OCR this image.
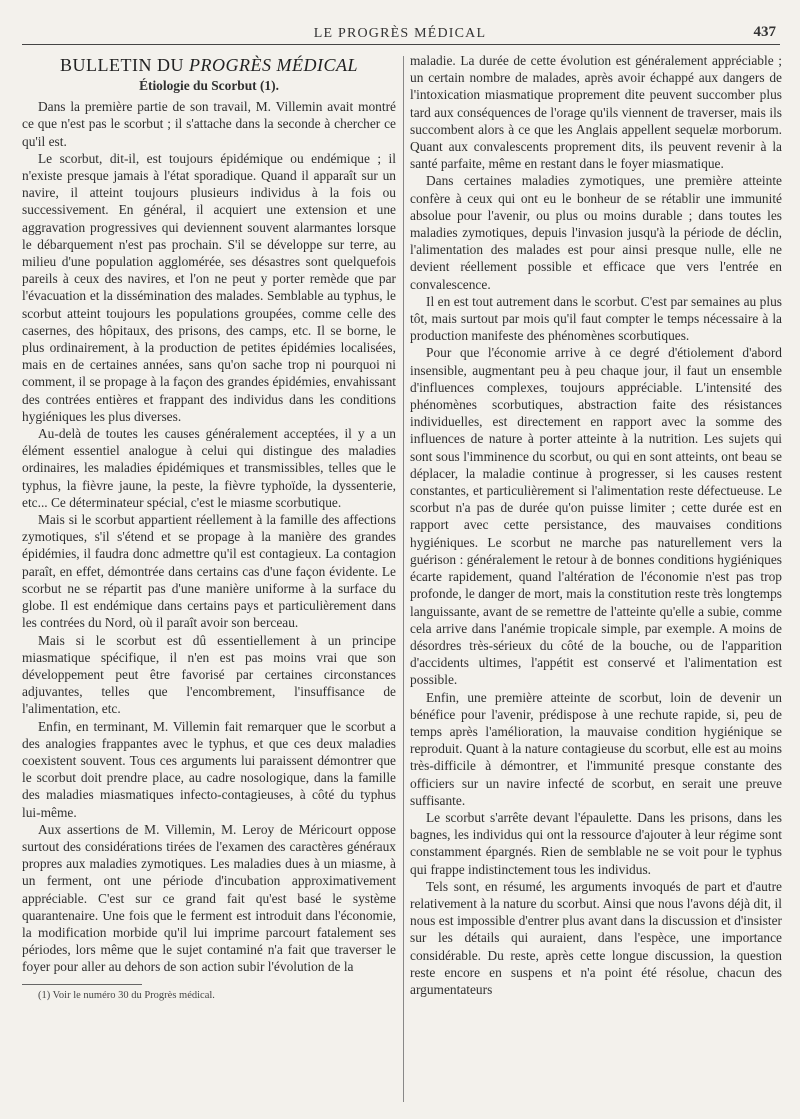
LE PROGRÈS MÉDICAL	437
BULLETIN DU PROGRÈS MÉDICAL
Étiologie du Scorbut (1).

Dans la première partie de son travail, M. Villemin avait montré ce que n'est pas le scorbut ; il s'attache dans la seconde à chercher ce qu'il est.

Le scorbut, dit-il, est toujours épidémique ou endémique ; il n'existe presque jamais à l'état sporadique. Quand il apparaît sur un navire, il atteint toujours plusieurs individus à la fois ou successivement. En général, il acquiert une extension et une aggravation progressives qui deviennent souvent alarmantes lorsque le débarquement n'est pas prochain. S'il se développe sur terre, au milieu d'une population agglomérée, ses désastres sont quelquefois pareils à ceux des navires, et l'on ne peut y porter remède que par l'évacuation et la dissémination des malades. Semblable au typhus, le scorbut atteint toujours les populations groupées, comme celle des casernes, des hôpitaux, des prisons, des camps, etc. Il se borne, le plus ordinairement, à la production de petites épidémies localisées, mais en de certaines années, sans qu'on sache trop ni pourquoi ni comment, il se propage à la façon des grandes épidémies, envahissant des contrées entières et frappant des individus dans les conditions hygiéniques les plus diverses.

Au-delà de toutes les causes généralement acceptées, il y a un élément essentiel analogue à celui qui distingue des maladies ordinaires, les maladies épidémiques et transmissibles, telles que le typhus, la fièvre jaune, la peste, la fièvre typhoïde, la dyssenterie, etc... Ce déterminateur spécial, c'est le miasme scorbutique.

Mais si le scorbut appartient réellement à la famille des affections zymotiques, s'il s'étend et se propage à la manière des grandes épidémies, il faudra donc admettre qu'il est contagieux. La contagion paraît, en effet, démontrée dans certains cas d'une façon évidente. Le scorbut ne se répartit pas d'une manière uniforme à la surface du globe. Il est endémique dans certains pays et particulièrement dans les contrées du Nord, où il paraît avoir son berceau.

Mais si le scorbut est dû essentiellement à un principe miasmatique spécifique, il n'en est pas moins vrai que son développement peut être favorisé par certaines circonstances adjuvantes, telles que l'encombrement, l'insuffisance de l'alimentation, etc.

Enfin, en terminant, M. Villemin fait remarquer que le scorbut a des analogies frappantes avec le typhus, et que ces deux maladies coexistent souvent. Tous ces arguments lui paraissent démontrer que le scorbut doit prendre place, au cadre nosologique, dans la famille des maladies miasmatiques infecto-contagieuses, à côté du typhus lui-même.

Aux assertions de M. Villemin, M. Leroy de Méricourt oppose surtout des considérations tirées de l'examen des caractères généraux propres aux maladies zymotiques. Les maladies dues à un miasme, à un ferment, ont une période d'incubation approximativement appréciable. C'est sur ce grand fait qu'est basé le système quarantenaire. Une fois que le ferment est introduit dans l'économie, la modification morbide qu'il lui imprime parcourt fatalement ses périodes, lors même que le sujet contaminé n'a fait que traverser le foyer pour aller au dehors de son action subir l'évolution de la

(1) Voir le numéro 30 du Progrès médical.

maladie. La durée de cette évolution est généralement appréciable ; un certain nombre de malades, après avoir échappé aux dangers de l'intoxication miasmatique proprement dite peuvent succomber plus tard aux conséquences de l'orage qu'ils viennent de traverser, mais ils succombent alors à ce que les Anglais appellent sequelæ morborum. Quant aux convalescents proprement dits, ils peuvent revenir à la santé parfaite, même en restant dans le foyer miasmatique.

Dans certaines maladies zymotiques, une première atteinte confère à ceux qui ont eu le bonheur de se rétablir une immunité absolue pour l'avenir, ou plus ou moins durable ; dans toutes les maladies zymotiques, depuis l'invasion jusqu'à la période de déclin, l'alimentation des malades est pour ainsi presque nulle, elle ne devient réellement possible et efficace que vers l'entrée en convalescence.

Il en est tout autrement dans le scorbut. C'est par semaines au plus tôt, mais surtout par mois qu'il faut compter le temps nécessaire à la production manifeste des phénomènes scorbutiques.

Pour que l'économie arrive à ce degré d'étiolement d'abord insensible, augmentant peu à peu chaque jour, il faut un ensemble d'influences complexes, toujours appréciable. L'intensité des phénomènes scorbutiques, abstraction faite des résistances individuelles, est directement en rapport avec la somme des influences de nature à porter atteinte à la nutrition. Les sujets qui sont sous l'imminence du scorbut, ou qui en sont atteints, ont beau se déplacer, la maladie continue à progresser, si les causes restent constantes, et particulièrement si l'alimentation reste défectueuse. Le scorbut n'a pas de durée qu'on puisse limiter ; cette durée est en rapport avec cette persistance, des mauvaises conditions hygiéniques. Le scorbut ne marche pas naturellement vers la guérison : généralement le retour à de bonnes conditions hygiéniques écarte rapidement, quand l'altération de l'économie n'est pas trop profonde, le danger de mort, mais la constitution reste très longtemps languissante, avant de se remettre de l'atteinte qu'elle a subie, comme cela arrive dans l'anémie tropicale simple, par exemple. A moins de désordres très-sérieux du côté de la bouche, ou de l'apparition d'accidents ultimes, l'appétit est conservé et l'alimentation est possible.

Enfin, une première atteinte de scorbut, loin de devenir un bénéfice pour l'avenir, prédispose à une rechute rapide, si, peu de temps après l'amélioration, la mauvaise condition hygiénique se reproduit. Quant à la nature contagieuse du scorbut, elle est au moins très-difficile à démontrer, et l'immunité presque constante des officiers sur un navire infecté de scorbut, en serait une preuve suffisante.

Le scorbut s'arrête devant l'épaulette. Dans les prisons, dans les bagnes, les individus qui ont la ressource d'ajouter à leur régime sont constamment épargnés. Rien de semblable ne se voit pour le typhus qui frappe indistinctement tous les individus.

Tels sont, en résumé, les arguments invoqués de part et d'autre relativement à la nature du scorbut. Ainsi que nous l'avons déjà dit, il nous est impossible d'entrer plus avant dans la discussion et d'insister sur les détails qui auraient, dans l'espèce, une importance considérable. Du reste, après cette longue discussion, la question reste encore en suspens et n'a point été résolue, chacun des argumentateurs
